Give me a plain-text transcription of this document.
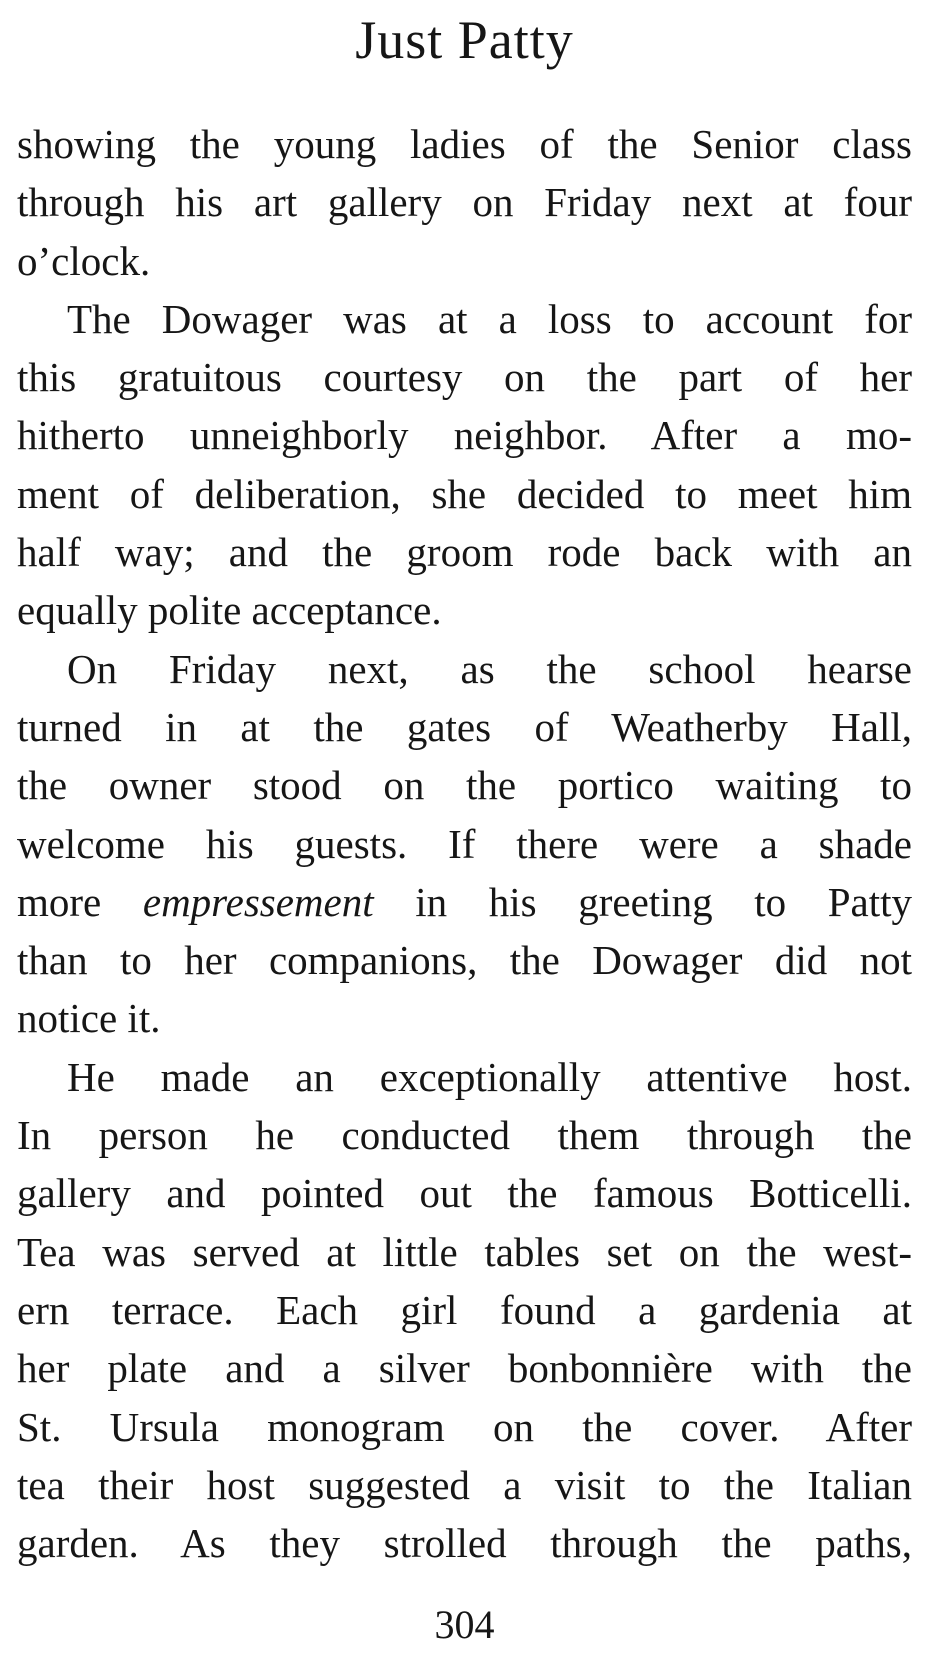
Just Patty
showing the young ladies of the Senior class
through his art gallery on Friday next at four
o’clock.
The Dowager was at a loss to account for
this gratuitous courtesy on the part of her
hitherto unneighborly neighbor. After a mo-
ment of deliberation, she decided to meet him
half way; and the groom rode back with an
equally polite acceptance.
On Friday next, as the school hearse
turned in at the gates of Weatherby Hall,
the owner stood on the portico waiting to
welcome his guests. If there were a shade
more empressement in his greeting to Patty
than to her companions, the Dowager did not
notice it.
He made an exceptionally attentive host.
In person he conducted them through the
gallery and pointed out the famous Botticelli.
Tea was served at little tables set on the west-
ern terrace. Each girl found a gardenia at
her plate and a silver bonbonnière with the
St. Ursula monogram on the cover. After
tea their host suggested a visit to the Italian
garden. As they strolled through the paths,
304
